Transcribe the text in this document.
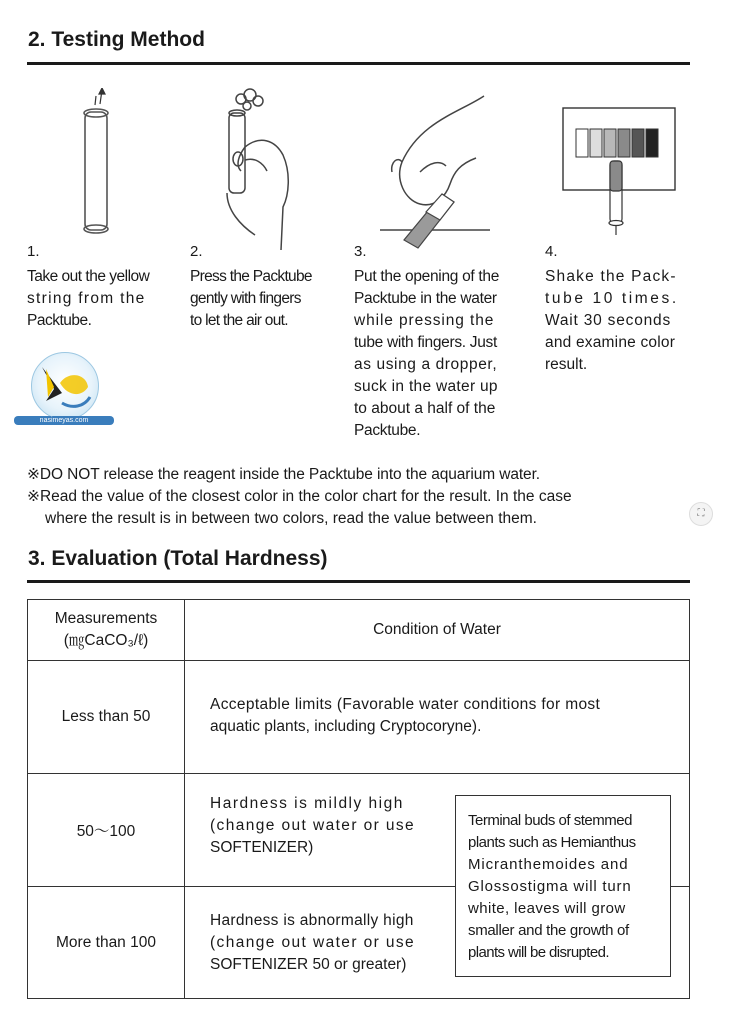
2. Testing Method
1.	2.	3.	4.
Take out the yellow
string from the
Packtube.
Press the Packtube
gently with fingers
to let the air out.
Put the opening of the
Packtube in the water
while pressing the
tube with fingers. Just
as using a dropper,
suck in the water up
to about a half of the
Packtube.
Shake the Pack-
tube 10 times.
Wait 30 seconds
and examine color
result.
nasimeyas.com
※DO NOT release the reagent inside the Packtube into the aquarium water.
※Read the value of the closest color in the color chart for the result. In the case
where the result is in between two colors, read the value between them.	⛶
3. Evaluation (Total Hardness)
Measurements
(㎎CaCO₃/ℓ)	Condition of Water
Less than 50	Acceptable limits (Favorable water conditions for most
aquatic plants, including Cryptocoryne).

50〜100	Hardness is mildly high
(change out water or use
SOFTENIZER)

More than 100	Hardness is abnormally high
(change out water or use
SOFTENIZER 50 or greater)
Terminal buds of stemmed
plants such as Hemianthus
Micranthemoides and
Glossostigma will turn
white, leaves will grow
smaller and the growth of
plants will be disrupted.
